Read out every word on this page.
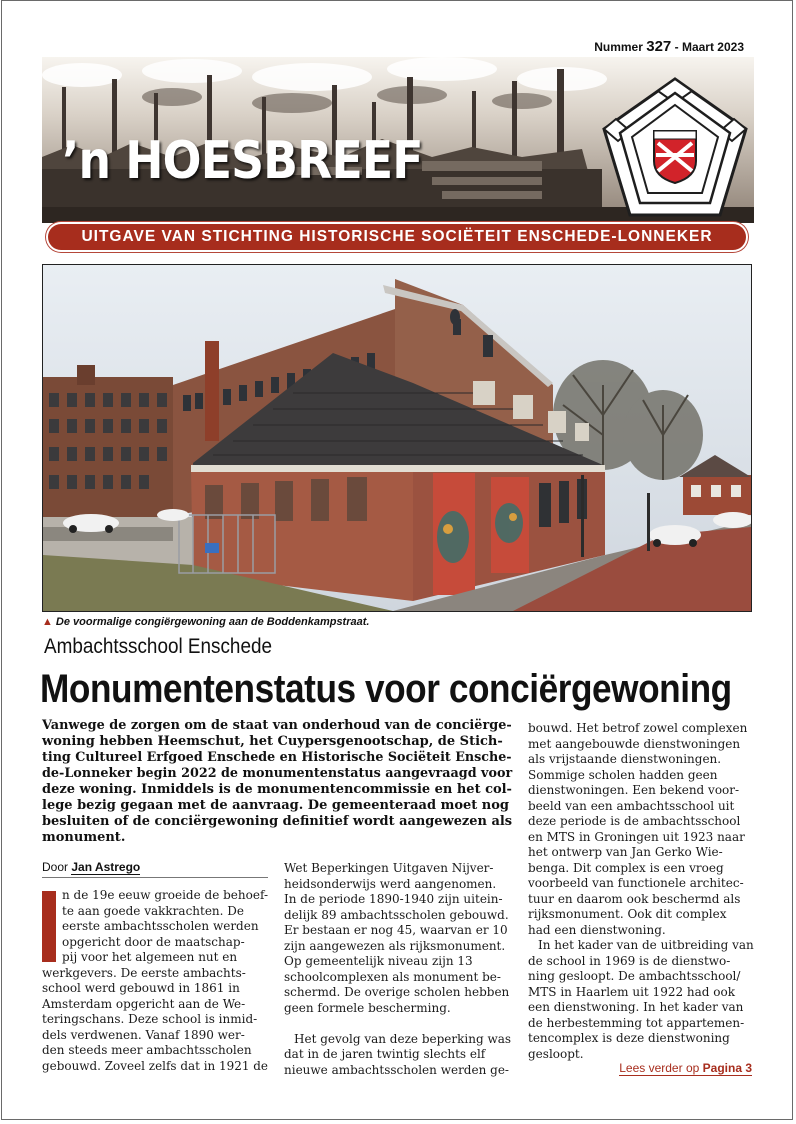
Nummer 327 - Maart 2023
’n HOESBREEF
UITGAVE VAN STICHTING HISTORISCHE SOCIËTEIT ENSCHEDE-LONNEKER
▲ De voormalige congiërgewoning aan de Boddenkampstraat.
Ambachtsschool Enschede
Monumentenstatus voor conciërgewoning
Vanwege de zorgen om de staat van onderhoud van de conciërge-
woning hebben Heemschut, het Cuypersgenootschap, de Stich-
ting Cultureel Erfgoed Enschede en Historische Sociëteit Ensche-
de-Lonneker begin 2022 de monumentenstatus aangevraagd voor
deze woning. Inmiddels is de monumentencommissie en het col-
lege bezig gegaan met de aanvraag. De gemeenteraad moet nog
besluiten of de conciërgewoning definitief wordt aangewezen als
monument.
Door Jan Astrego
n de 19e eeuw groeide de behoef-
te aan goede vakkrachten. De
eerste ambachtsscholen werden
opgericht door de maatschap-
pij voor het algemeen nut en
werkgevers. De eerste ambachts-
school werd gebouwd in 1861 in
Amsterdam opgericht aan de We-
teringschans. Deze school is inmid-
dels verdwenen. Vanaf 1890 wer-
den steeds meer ambachtsscholen
gebouwd. Zoveel zelfs dat in 1921 de
Wet Beperkingen Uitgaven Nijver-
heidsonderwijs werd aangenomen.
In de periode 1890-1940 zijn uitein-
delijk 89 ambachtsscholen gebouwd.
Er bestaan er nog 45, waarvan er 10
zijn aangewezen als rijksmonument.
Op gemeentelijk niveau zijn 13
schoolcomplexen als monument be-
schermd. De overige scholen hebben
geen formele bescherming.
Het gevolg van deze beperking was
dat in de jaren twintig slechts elf
nieuwe ambachtsscholen werden ge-
bouwd. Het betrof zowel complexen
met aangebouwde dienstwoningen
als vrijstaande dienstwoningen.
Sommige scholen hadden geen
dienstwoningen. Een bekend voor-
beeld van een ambachtsschool uit
deze periode is de ambachtsschool
en MTS in Groningen uit 1923 naar
het ontwerp van Jan Gerko Wie-
benga. Dit complex is een vroeg
voorbeeld van functionele architec-
tuur en daarom ook beschermd als
rijksmonument. Ook dit complex
had een dienstwoning.
In het kader van de uitbreiding van
de school in 1969 is de dienstwo-
ning gesloopt. De ambachtsschool/
MTS in Haarlem uit 1922 had ook
een dienstwoning. In het kader van
de herbestemming tot appartemen-
tencomplex is deze dienstwoning
gesloopt.
Lees verder op Pagina 3
